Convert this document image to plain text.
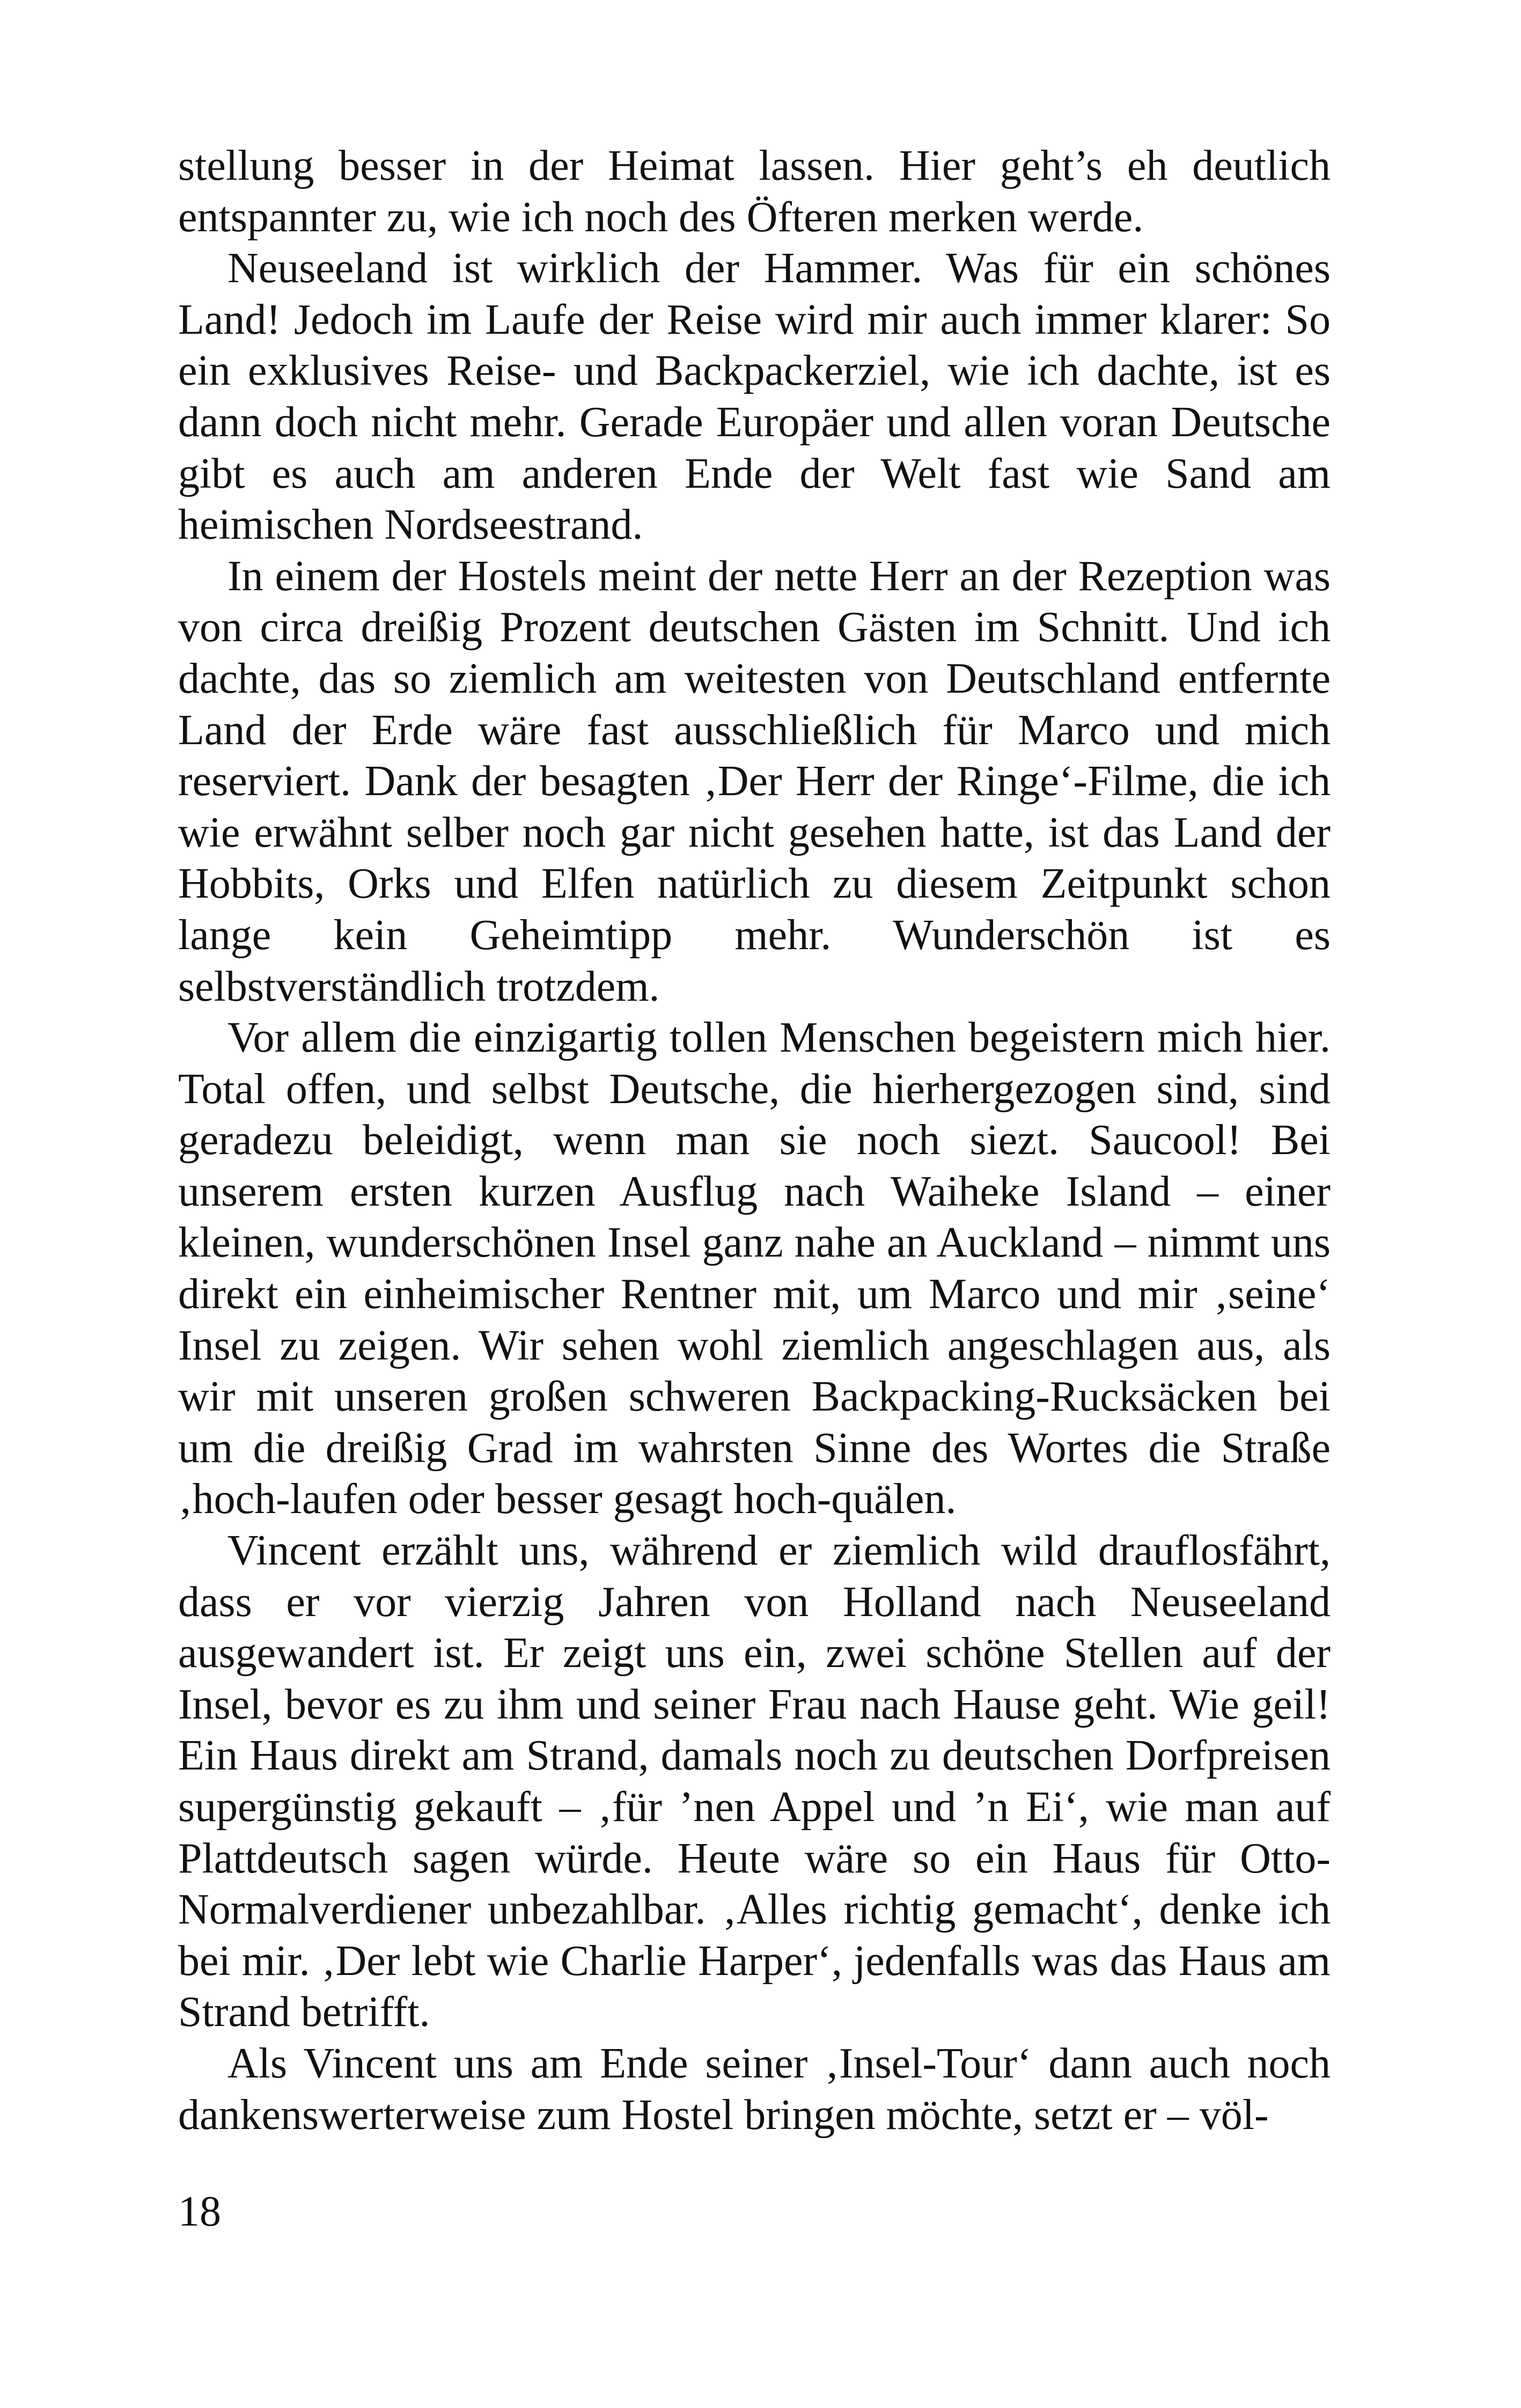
stellung besser in der Heimat lassen. Hier geht’s eh deutlich entspannter zu, wie ich noch des Öfteren merken werde.

Neuseeland ist wirklich der Hammer. Was für ein schönes Land! Jedoch im Laufe der Reise wird mir auch immer klarer: So ein exklusives Reise- und Backpackerziel, wie ich dachte, ist es dann doch nicht mehr. Gerade Europäer und allen voran Deutsche gibt es auch am anderen Ende der Welt fast wie Sand am heimischen Nordseestrand.

In einem der Hostels meint der nette Herr an der Rezeption was von circa dreißig Prozent deutschen Gästen im Schnitt. Und ich dachte, das so ziemlich am weitesten von Deutschland entfernte Land der Erde wäre fast ausschließlich für Marco und mich reserviert. Dank der besagten ‚Der Herr der Ringe‘-Filme, die ich wie erwähnt selber noch gar nicht gesehen hatte, ist das Land der Hobbits, Orks und Elfen natürlich zu diesem Zeitpunkt schon lange kein Geheimtipp mehr. Wunderschön ist es selbstverständlich trotzdem.

Vor allem die einzigartig tollen Menschen begeistern mich hier. Total offen, und selbst Deutsche, die hierhergezogen sind, sind geradezu beleidigt, wenn man sie noch siezt. Saucool! Bei unserem ersten kurzen Ausflug nach Waiheke Island – einer kleinen, wunderschönen Insel ganz nahe an Auckland – nimmt uns direkt ein einheimischer Rentner mit, um Marco und mir ‚seine‘ Insel zu zeigen. Wir sehen wohl ziemlich angeschlagen aus, als wir mit unseren großen schweren Backpacking-Rucksäcken bei um die dreißig Grad im wahrsten Sinne des Wortes die Straße ‚hoch-laufen oder besser gesagt hoch-quälen.

Vincent erzählt uns, während er ziemlich wild drauflosfährt, dass er vor vierzig Jahren von Holland nach Neuseeland ausgewandert ist. Er zeigt uns ein, zwei schöne Stellen auf der Insel, bevor es zu ihm und seiner Frau nach Hause geht. Wie geil! Ein Haus direkt am Strand, damals noch zu deutschen Dorfpreisen supergünstig gekauft – ‚für ’nen Appel und ’n Ei‘, wie man auf Plattdeutsch sagen würde. Heute wäre so ein Haus für Otto-Normalverdiener unbezahlbar. ‚Alles richtig gemacht‘, denke ich bei mir. ‚Der lebt wie Charlie Harper‘, jedenfalls was das Haus am Strand betrifft.

Als Vincent uns am Ende seiner ‚Insel-Tour‘ dann auch noch dankenswerterweise zum Hostel bringen möchte, setzt er – völ-

18
